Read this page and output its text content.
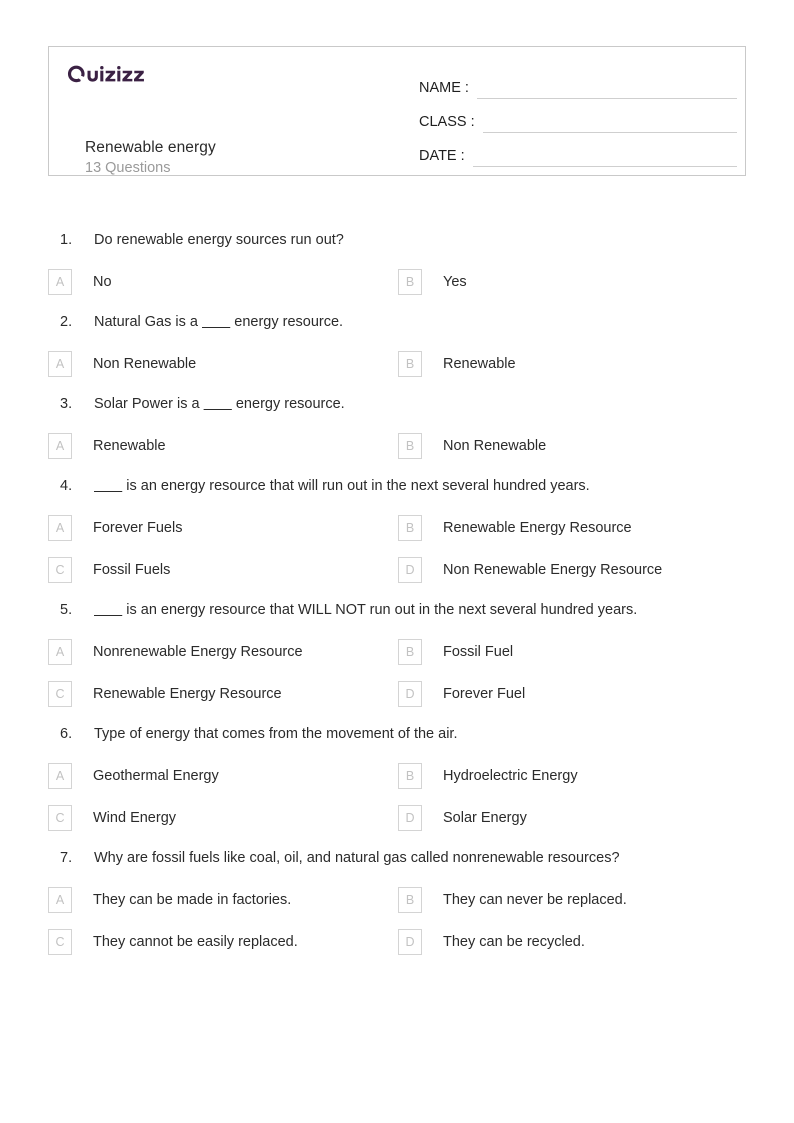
Renewable energy
13 Questions
NAME :
CLASS :
DATE :
1.	Do renewable energy sources run out?
A	No	B	Yes
2.	Natural Gas is a          energy resource.
A	Non Renewable	B	Renewable
3.	Solar Power is a          energy resource.
A	Renewable	B	Non Renewable
4.	is an energy resource that will run out in the next several hundred years.
A	Forever Fuels	B	Renewable Energy Resource
C	Fossil Fuels	D	Non Renewable Energy Resource
5.	is an energy resource that WILL NOT run out in the next several hundred years.
A	Nonrenewable Energy Resource	B	Fossil Fuel
C	Renewable Energy Resource	D	Forever Fuel
6.	Type of energy that comes from the movement of the air.
A	Geothermal Energy	B	Hydroelectric Energy
C	Wind Energy	D	Solar Energy
7.	Why are fossil fuels like coal, oil, and natural gas called nonrenewable resources?
A	They can be made in factories.	B	They can never be replaced.
C	They cannot be easily replaced.	D	They can be recycled.
